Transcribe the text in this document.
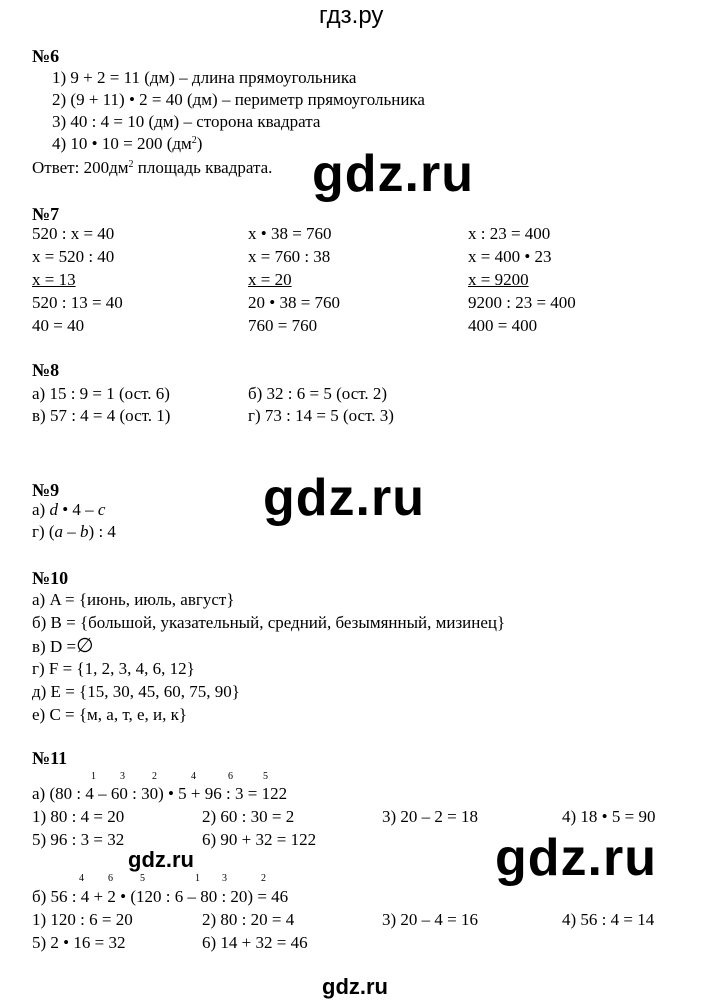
гдз.ру
№6
1) 9 + 2 = 11 (дм) – длина прямоугольника
2) (9 + 11) • 2 = 40 (дм) – периметр прямоугольника
3) 40 : 4 = 10 (дм) – сторона квадрата
4) 10 • 10 = 200 $(дм^2)$
Ответ: $200дм^2$ площадь квадрата. gdz.ru
№7
520 : x = 40
x = 520 : 40
x = 13
520 : 13 = 40
40 = 40
x • 38 = 760
x = 760 : 38
x = 20
20 • 38 = 760
760 = 760
x : 23 = 400
x = 400 • 23
x = 9200
9200 : 23 = 400
400 = 400
№8
а) 15 : 9 = 1 (ост. 6)	б) 32 : 6 = 5 (ост. 2)
в) 57 : 4 = 4 (ост. 1)	г) 73 : 14 = 5 (ост. 3)
№9
а) d • 4 – c
г) (a – b) : 4
gdz.ru
№10
а) A = {июнь, июль, август}
б) B = {большой, указательный, средний, безымянный, мизинец}
в) D =∅
г) F = {1, 2, 3, 4, 6, 12}
д) E = {15, 30, 45, 60, 75, 90}
е) C = {м, а, т, е, и, к}
№11
1 3	2	4	6	5
а) (80 : 4 – 60 : 30) • 5 + 96 : 3 = 122
1) 80 : 4 = 20	2) 60 : 30 = 2	3) 20 – 2 = 18	4) 18 • 5 = 90
5) 96 : 3 = 32	6) 90 + 32 = 122
gdz.ru	gdz.ru
4 6	5	1 3	2
б) 56 : 4 + 2 • (120 : 6 – 80 : 20) = 46
1) 120 : 6 = 20	2) 80 : 20 = 4	3) 20 – 4 = 16	4) 56 : 4 = 14
5) 2 • 16 = 32	6) 14 + 32 = 46
gdz.ru
